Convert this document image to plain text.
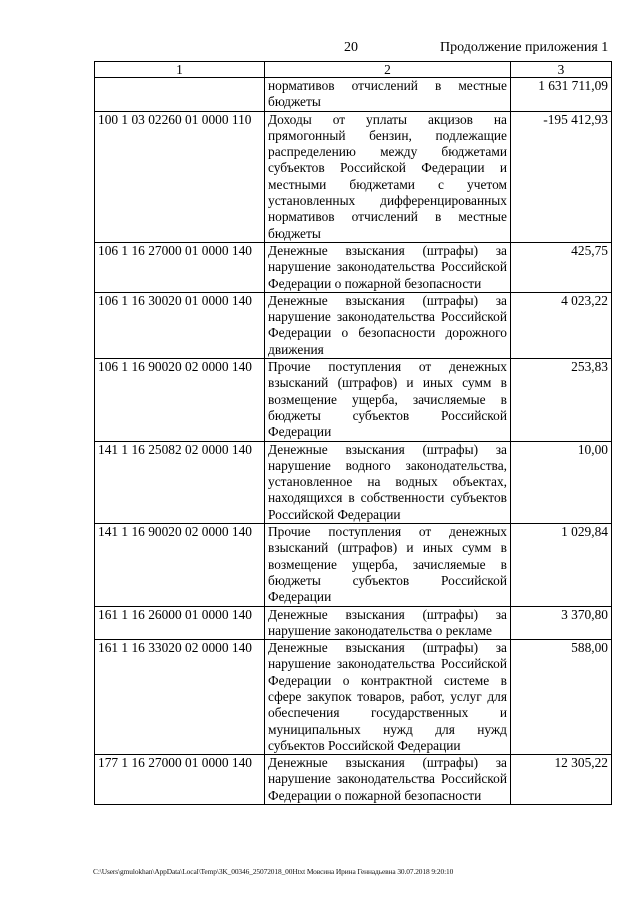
20	Продолжение приложения 1
1	2	3
	нормативов отчислений в местные бюджеты	1 631 711,09
100 1 03 02260 01 0000 110	Доходы от уплаты акцизов на прямогонный бензин, подлежащие распределению между бюджетами субъектов Российской Федерации и местными бюджетами с учетом установленных дифференцированных нормативов отчислений в местные бюджеты	-195 412,93
106 1 16 27000 01 0000 140	Денежные взыскания (штрафы) за нарушение законодательства Российской Федерации о пожарной безопасности	425,75
106 1 16 30020 01 0000 140	Денежные взыскания (штрафы) за нарушение законодательства Российской Федерации о безопасности дорожного движения	4 023,22
106 1 16 90020 02 0000 140	Прочие поступления от денежных взысканий (штрафов) и иных сумм в возмещение ущерба, зачисляемые в бюджеты субъектов Российской Федерации	253,83
141 1 16 25082 02 0000 140	Денежные взыскания (штрафы) за нарушение водного законодательства, установленное на водных объектах, находящихся в собственности субъектов Российской Федерации	10,00
141 1 16 90020 02 0000 140	Прочие поступления от денежных взысканий (штрафов) и иных сумм в возмещение ущерба, зачисляемые в бюджеты субъектов Российской Федерации	1 029,84
161 1 16 26000 01 0000 140	Денежные взыскания (штрафы) за нарушение законодательства о рекламе	3 370,80
161 1 16 33020 02 0000 140	Денежные взыскания (штрафы) за нарушение законодательства Российской Федерации о контрактной системе в сфере закупок товаров, работ, услуг для обеспечения государственных и муниципальных нужд для нужд субъектов Российской Федерации	588,00
177 1 16 27000 01 0000 140	Денежные взыскания (штрафы) за нарушение законодательства Российской Федерации о пожарной безопасности	12 305,22
C:\Users\gmulokhan\AppData\Local\Temp\3K_00346_25072018_00Htxt Мовсина Ирина Геннадьевна 30.07.2018 9:20:10
